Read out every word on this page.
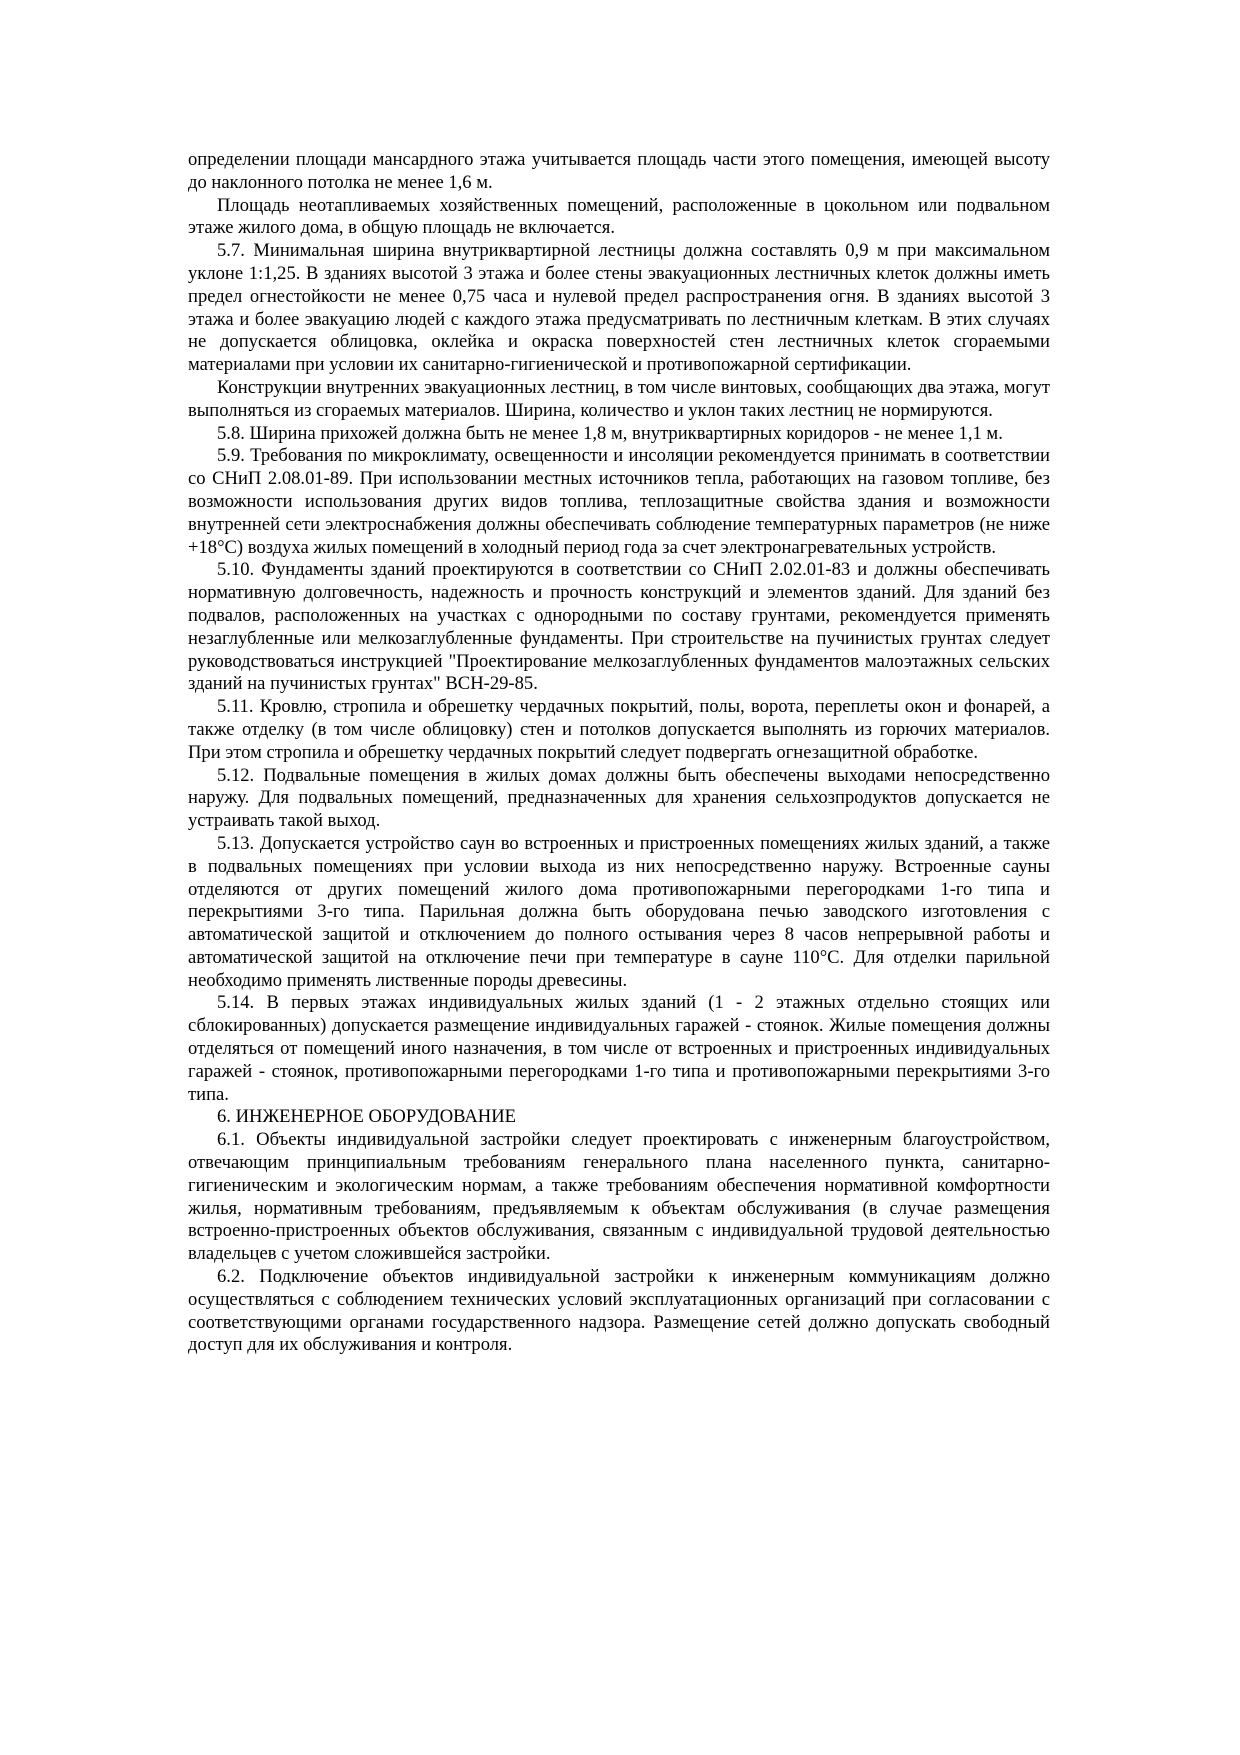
определении площади мансардного этажа учитывается площадь части этого помещения, имеющей высоту до наклонного потолка не менее 1,6 м.

Площадь неотапливаемых хозяйственных помещений, расположенные в цокольном или подвальном этаже жилого дома, в общую площадь не включается.

5.7. Минимальная ширина внутриквартирной лестницы должна составлять 0,9 м при максимальном уклоне 1:1,25. В зданиях высотой 3 этажа и более стены эвакуационных лестничных клеток должны иметь предел огнестойкости не менее 0,75 часа и нулевой предел распространения огня. В зданиях высотой 3 этажа и более эвакуацию людей с каждого этажа предусматривать по лестничным клеткам. В этих случаях не допускается облицовка, оклейка и окраска поверхностей стен лестничных клеток сгораемыми материалами при условии их санитарно-гигиенической и противопожарной сертификации.

Конструкции внутренних эвакуационных лестниц, в том числе винтовых, сообщающих два этажа, могут выполняться из сгораемых материалов. Ширина, количество и уклон таких лестниц не нормируются.

5.8. Ширина прихожей должна быть не менее 1,8 м, внутриквартирных коридоров - не менее 1,1 м.

5.9. Требования по микроклимату, освещенности и инсоляции рекомендуется принимать в соответствии со СНиП 2.08.01-89. При использовании местных источников тепла, работающих на газовом топливе, без возможности использования других видов топлива, теплозащитные свойства здания и возможности внутренней сети электроснабжения должны обеспечивать соблюдение температурных параметров (не ниже +18°С) воздуха жилых помещений в холодный период года за счет электронагревательных устройств.

5.10. Фундаменты зданий проектируются в соответствии со СНиП 2.02.01-83 и должны обеспечивать нормативную долговечность, надежность и прочность конструкций и элементов зданий. Для зданий без подвалов, расположенных на участках с однородными по составу грунтами, рекомендуется применять незаглубленные или мелкозаглубленные фундаменты. При строительстве на пучинистых грунтах следует руководствоваться инструкцией "Проектирование мелкозаглубленных фундаментов малоэтажных сельских зданий на пучинистых грунтах" ВСН-29-85.

5.11. Кровлю, стропила и обрешетку чердачных покрытий, полы, ворота, переплеты окон и фонарей, а также отделку (в том числе облицовку) стен и потолков допускается выполнять из горючих материалов. При этом стропила и обрешетку чердачных покрытий следует подвергать огнезащитной обработке.

5.12. Подвальные помещения в жилых домах должны быть обеспечены выходами непосредственно наружу. Для подвальных помещений, предназначенных для хранения сельхозпродуктов допускается не устраивать такой выход.

5.13. Допускается устройство саун во встроенных и пристроенных помещениях жилых зданий, а также в подвальных помещениях при условии выхода из них непосредственно наружу. Встроенные сауны отделяются от других помещений жилого дома противопожарными перегородками 1-го типа и перекрытиями 3-го типа. Парильная должна быть оборудована печью заводского изготовления с автоматической защитой и отключением до полного остывания через 8 часов непрерывной работы и автоматической защитой на отключение печи при температуре в сауне 110°С. Для отделки парильной необходимо применять лиственные породы древесины.

5.14. В первых этажах индивидуальных жилых зданий (1 - 2 этажных отдельно стоящих или сблокированных) допускается размещение индивидуальных гаражей - стоянок. Жилые помещения должны отделяться от помещений иного назначения, в том числе от встроенных и пристроенных индивидуальных гаражей - стоянок, противопожарными перегородками 1-го типа и противопожарными перекрытиями 3-го типа.

6. ИНЖЕНЕРНОЕ ОБОРУДОВАНИЕ

6.1. Объекты индивидуальной застройки следует проектировать с инженерным благоустройством, отвечающим принципиальным требованиям генерального плана населенного пункта, санитарно-гигиеническим и экологическим нормам, а также требованиям обеспечения нормативной комфортности жилья, нормативным требованиям, предъявляемым к объектам обслуживания (в случае размещения встроенно-пристроенных объектов обслуживания, связанным с индивидуальной трудовой деятельностью владельцев с учетом сложившейся застройки.

6.2. Подключение объектов индивидуальной застройки к инженерным коммуникациям должно осуществляться с соблюдением технических условий эксплуатационных организаций при согласовании с соответствующими органами государственного надзора. Размещение сетей должно допускать свободный доступ для их обслуживания и контроля.
